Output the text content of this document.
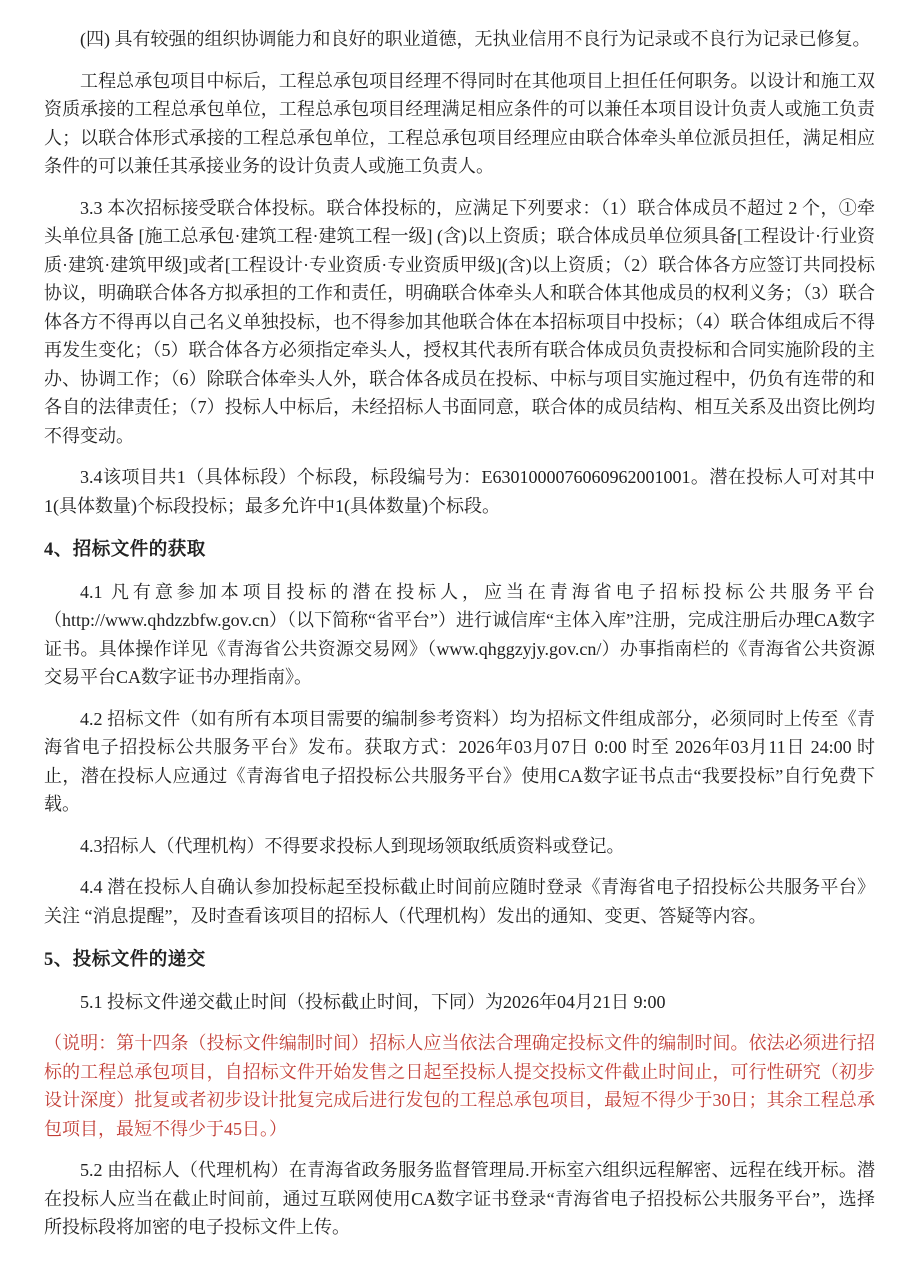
(四) 具有较强的组织协调能力和良好的职业道德，无执业信用不良行为记录或不良行为记录已修复。

工程总承包项目中标后，工程总承包项目经理不得同时在其他项目上担任任何职务。以设计和施工双资质承接的工程总承包单位，工程总承包项目经理满足相应条件的可以兼任本项目设计负责人或施工负责人；以联合体形式承接的工程总承包单位，工程总承包项目经理应由联合体牵头单位派员担任，满足相应条件的可以兼任其承接业务的设计负责人或施工负责人。

3.3 本次招标接受联合体投标。联合体投标的，应满足下列要求：（1）联合体成员不超过 2 个，①牵头单位具备 [施工总承包·建筑工程·建筑工程一级] (含)以上资质；联合体成员单位须具备[工程设计·行业资质·建筑·建筑甲级]或者[工程设计·专业资质·专业资质甲级](含)以上资质；（2）联合体各方应签订共同投标协议，明确联合体各方拟承担的工作和责任，明确联合体牵头人和联合体其他成员的权利义务；（3）联合体各方不得再以自己名义单独投标，也不得参加其他联合体在本招标项目中投标；（4）联合体组成后不得再发生变化；（5）联合体各方必须指定牵头人，授权其代表所有联合体成员负责投标和合同实施阶段的主办、协调工作；（6）除联合体牵头人外，联合体各成员在投标、中标与项目实施过程中，仍负有连带的和各自的法律责任；（7）投标人中标后，未经招标人书面同意，联合体的成员结构、相互关系及出资比例均不得变动。

3.4该项目共1（具体标段）个标段，标段编号为：E6301000076060962001001。潜在投标人可对其中1(具体数量)个标段投标；最多允许中1(具体数量)个标段。

4、招标文件的获取

4.1 凡有意参加本项目投标的潜在投标人，应当在青海省电子招标投标公共服务平台（http://www.qhdzzbfw.gov.cn）（以下简称“省平台”）进行诚信库“主体入库”注册，完成注册后办理CA数字证书。具体操作详见《青海省公共资源交易网》（www.qhggzyjy.gov.cn/）办事指南栏的《青海省公共资源交易平台CA数字证书办理指南》。

4.2 招标文件（如有所有本项目需要的编制参考资料）均为招标文件组成部分，必须同时上传至《青海省电子招投标公共服务平台》发布。获取方式：2026年03月07日 0:00 时至 2026年03月11日 24:00 时止，潜在投标人应通过《青海省电子招投标公共服务平台》使用CA数字证书点击“我要投标”自行免费下载。

4.3招标人（代理机构）不得要求投标人到现场领取纸质资料或登记。

4.4 潜在投标人自确认参加投标起至投标截止时间前应随时登录《青海省电子招投标公共服务平台》关注 “消息提醒”，及时查看该项目的招标人（代理机构）发出的通知、变更、答疑等内容。

5、投标文件的递交

5.1 投标文件递交截止时间（投标截止时间，下同）为2026年04月21日 9:00

（说明：第十四条（投标文件编制时间）招标人应当依法合理确定投标文件的编制时间。依法必须进行招标的工程总承包项目，自招标文件开始发售之日起至投标人提交投标文件截止时间止，可行性研究（初步设计深度）批复或者初步设计批复完成后进行发包的工程总承包项目，最短不得少于30日；其余工程总承包项目，最短不得少于45日。）

5.2 由招标人（代理机构）在青海省政务服务监督管理局.开标室六组织远程解密、远程在线开标。潜在投标人应当在截止时间前，通过互联网使用CA数字证书登录“青海省电子招投标公共服务平台”，选择所投标段将加密的电子投标文件上传。
